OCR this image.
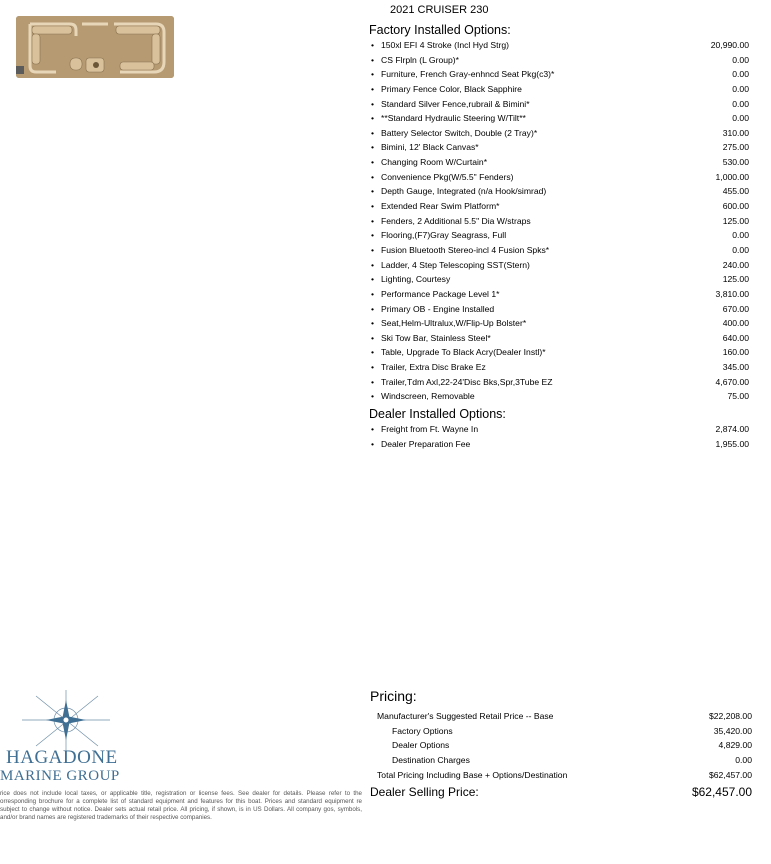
2021 CRUISER 230
Factory Installed Options:
• 150xl EFI 4 Stroke (Incl Hyd Strg)	20,990.00
• CS Flrpln (L Group)*	0.00
• Furniture, French Gray-enhncd Seat Pkg(c3)*	0.00
• Primary Fence Color, Black Sapphire	0.00
• Standard Silver Fence,rubrail & Bimini*	0.00
• **Standard Hydraulic Steering W/Tilt**	0.00
• Battery Selector Switch, Double (2 Tray)*	310.00
• Bimini, 12' Black Canvas*	275.00
• Changing Room W/Curtain*	530.00
• Convenience Pkg(W/5.5" Fenders)	1,000.00
• Depth Gauge, Integrated (n/a Hook/simrad)	455.00
• Extended Rear Swim Platform*	600.00
• Fenders, 2 Additional 5.5" Dia W/straps	125.00
• Flooring,(F7)Gray Seagrass, Full	0.00
• Fusion Bluetooth Stereo-incl 4 Fusion Spks*	0.00
• Ladder, 4 Step Telescoping SST(Stern)	240.00
• Lighting, Courtesy	125.00
• Performance Package Level 1*	3,810.00
• Primary OB - Engine Installed	670.00
• Seat,Helm-Ultralux,W/Flip-Up Bolster*	400.00
• Ski Tow Bar, Stainless Steel*	640.00
• Table, Upgrade To Black Acry(Dealer Instl)*	160.00
• Trailer, Extra Disc Brake Ez	345.00
• Trailer,Tdm Axl,22-24'Disc Bks,Spr,3Tube EZ	4,670.00
• Windscreen, Removable	75.00
Dealer Installed Options:
• Freight from Ft. Wayne In	2,874.00
• Dealer Preparation Fee	1,955.00
HAGADONE
MARINE GROUP
rice does not include local taxes, or applicable title, registration or license fees. See dealer for details. Please refer to the orresponding brochure for a complete list of standard equipment and features for this boat. Prices and standard equipment re subject to change without notice. Dealer sets actual retail price. All pricing, if shown, is in US Dollars. All company gos, symbols, and/or brand names are registered trademarks of their respective companies.
Pricing:
Manufacturer's Suggested Retail Price -- Base	$22,208.00
Factory Options	35,420.00
Dealer Options	4,829.00
Destination Charges	0.00
Total Pricing Including Base + Options/Destination	$62,457.00
Dealer Selling Price:	$62,457.00
